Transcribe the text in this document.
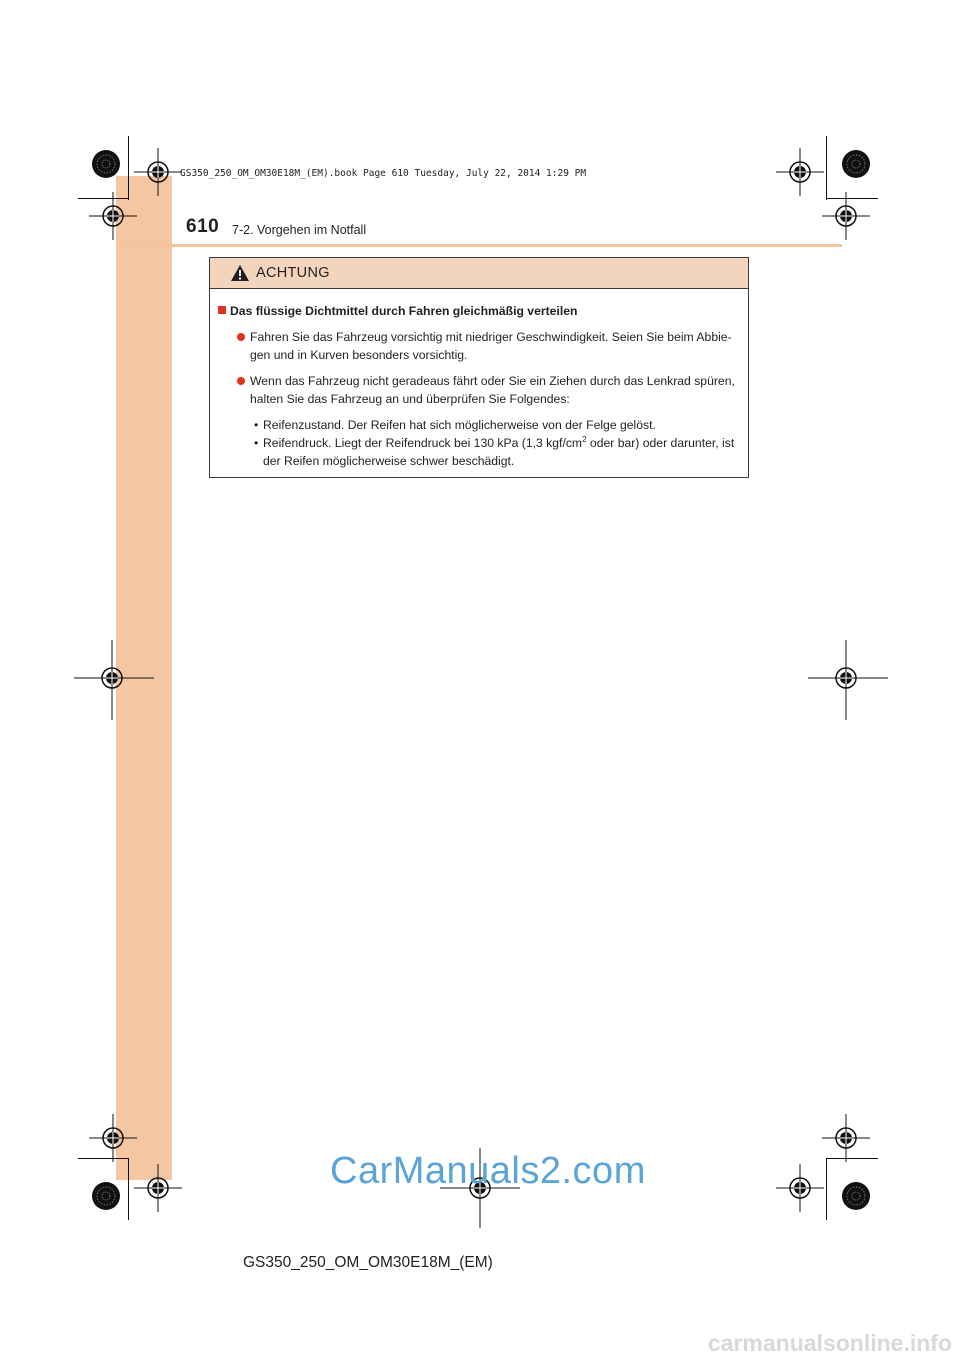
GS350_250_OM_OM30E18M_(EM).book Page 610 Tuesday, July 22, 2014 1:29 PM
610 7-2. Vorgehen im Notfall
ACHTUNG
Das flüssige Dichtmittel durch Fahren gleichmäßig verteilen
Fahren Sie das Fahrzeug vorsichtig mit niedriger Geschwindigkeit. Seien Sie beim Abbie-gen und in Kurven besonders vorsichtig.
Wenn das Fahrzeug nicht geradeaus fährt oder Sie ein Ziehen durch das Lenkrad spüren, halten Sie das Fahrzeug an und überprüfen Sie Folgendes:
• Reifenzustand. Der Reifen hat sich möglicherweise von der Felge gelöst.
• Reifendruck. Liegt der Reifendruck bei 130 kPa (1,3 kgf/$cm^2$ oder bar) oder darunter, ist der Reifen möglicherweise schwer beschädigt.
CarManuals2.com
GS350_250_OM_OM30E18M_(EM)
carmanualsonline.info
